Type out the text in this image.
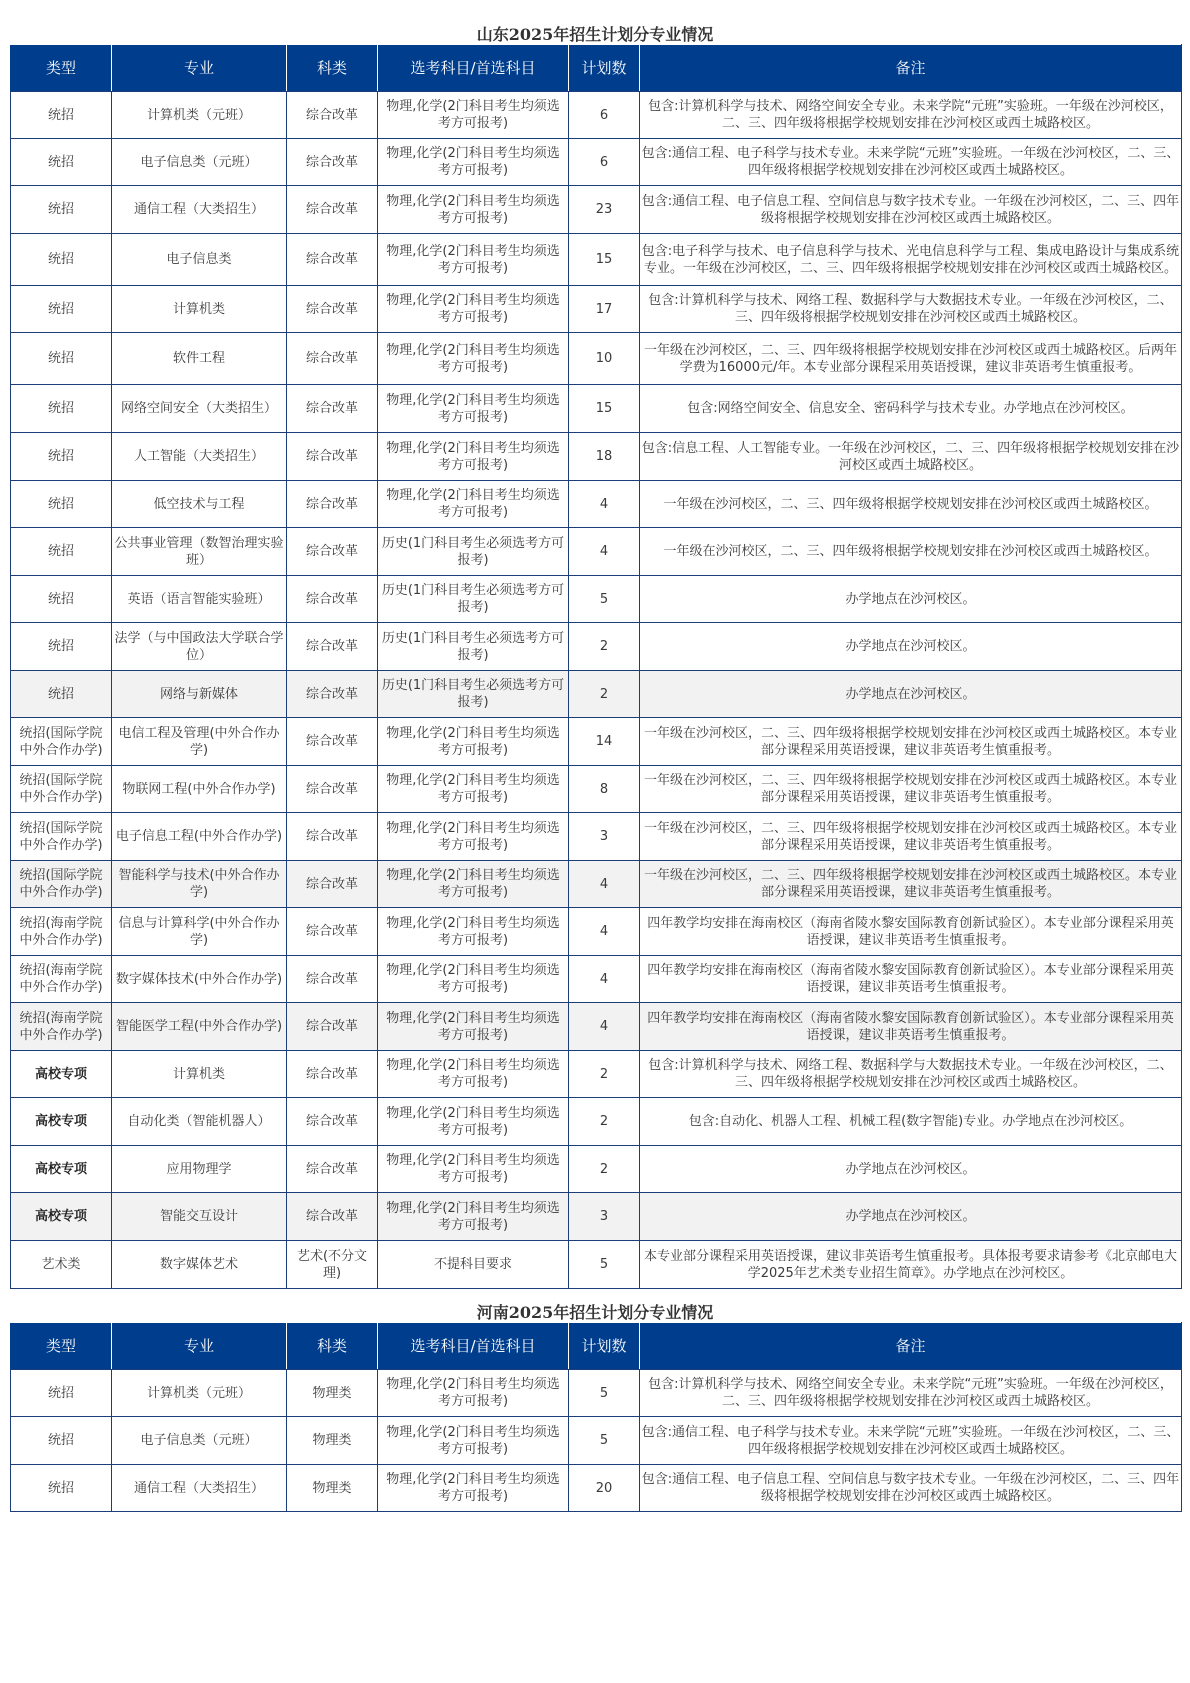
山东2025年招生计划分专业情况
类型	专业	科类	选考科目/首选科目	计划数	备注
统招	计算机类（元班）	综合改革	物理,化学(2门科目考生均须选考方可报考)	6	包含:计算机科学与技术、网络空间安全专业。未来学院“元班”实验班。一年级在沙河校区，二、三、四年级将根据学校规划安排在沙河校区或西土城路校区。
统招	电子信息类（元班）	综合改革	物理,化学(2门科目考生均须选考方可报考)	6	包含:通信工程、电子科学与技术专业。未来学院“元班”实验班。一年级在沙河校区，二、三、四年级将根据学校规划安排在沙河校区或西土城路校区。
统招	通信工程（大类招生）	综合改革	物理,化学(2门科目考生均须选考方可报考)	23	包含:通信工程、电子信息工程、空间信息与数字技术专业。一年级在沙河校区，二、三、四年级将根据学校规划安排在沙河校区或西土城路校区。
统招	电子信息类	综合改革	物理,化学(2门科目考生均须选考方可报考)	15	包含:电子科学与技术、电子信息科学与技术、光电信息科学与工程、集成电路设计与集成系统专业。一年级在沙河校区，二、三、四年级将根据学校规划安排在沙河校区或西土城路校区。
统招	计算机类	综合改革	物理,化学(2门科目考生均须选考方可报考)	17	包含:计算机科学与技术、网络工程、数据科学与大数据技术专业。一年级在沙河校区，二、三、四年级将根据学校规划安排在沙河校区或西土城路校区。
统招	软件工程	综合改革	物理,化学(2门科目考生均须选考方可报考)	10	一年级在沙河校区，二、三、四年级将根据学校规划安排在沙河校区或西土城路校区。后两年学费为16000元/年。本专业部分课程采用英语授课，建议非英语考生慎重报考。
统招	网络空间安全（大类招生）	综合改革	物理,化学(2门科目考生均须选考方可报考)	15	包含:网络空间安全、信息安全、密码科学与技术专业。办学地点在沙河校区。
统招	人工智能（大类招生）	综合改革	物理,化学(2门科目考生均须选考方可报考)	18	包含:信息工程、人工智能专业。一年级在沙河校区，二、三、四年级将根据学校规划安排在沙河校区或西土城路校区。
统招	低空技术与工程	综合改革	物理,化学(2门科目考生均须选考方可报考)	4	一年级在沙河校区，二、三、四年级将根据学校规划安排在沙河校区或西土城路校区。
统招	公共事业管理（数智治理实验班）	综合改革	历史(1门科目考生必须选考方可报考)	4	一年级在沙河校区，二、三、四年级将根据学校规划安排在沙河校区或西土城路校区。
统招	英语（语言智能实验班）	综合改革	历史(1门科目考生必须选考方可报考)	5	办学地点在沙河校区。
统招	法学（与中国政法大学联合学位）	综合改革	历史(1门科目考生必须选考方可报考)	2	办学地点在沙河校区。
统招	网络与新媒体	综合改革	历史(1门科目考生必须选考方可报考)	2	办学地点在沙河校区。
统招(国际学院中外合作办学)	电信工程及管理(中外合作办学)	综合改革	物理,化学(2门科目考生均须选考方可报考)	14	一年级在沙河校区，二、三、四年级将根据学校规划安排在沙河校区或西土城路校区。本专业部分课程采用英语授课，建议非英语考生慎重报考。
统招(国际学院中外合作办学)	物联网工程(中外合作办学)	综合改革	物理,化学(2门科目考生均须选考方可报考)	8	一年级在沙河校区，二、三、四年级将根据学校规划安排在沙河校区或西土城路校区。本专业部分课程采用英语授课，建议非英语考生慎重报考。
统招(国际学院中外合作办学)	电子信息工程(中外合作办学)	综合改革	物理,化学(2门科目考生均须选考方可报考)	3	一年级在沙河校区，二、三、四年级将根据学校规划安排在沙河校区或西土城路校区。本专业部分课程采用英语授课，建议非英语考生慎重报考。
统招(国际学院中外合作办学)	智能科学与技术(中外合作办学)	综合改革	物理,化学(2门科目考生均须选考方可报考)	4	一年级在沙河校区，二、三、四年级将根据学校规划安排在沙河校区或西土城路校区。本专业部分课程采用英语授课，建议非英语考生慎重报考。
统招(海南学院中外合作办学)	信息与计算科学(中外合作办学)	综合改革	物理,化学(2门科目考生均须选考方可报考)	4	四年教学均安排在海南校区（海南省陵水黎安国际教育创新试验区）。本专业部分课程采用英语授课，建议非英语考生慎重报考。
统招(海南学院中外合作办学)	数字媒体技术(中外合作办学)	综合改革	物理,化学(2门科目考生均须选考方可报考)	4	四年教学均安排在海南校区（海南省陵水黎安国际教育创新试验区）。本专业部分课程采用英语授课，建议非英语考生慎重报考。
统招(海南学院中外合作办学)	智能医学工程(中外合作办学)	综合改革	物理,化学(2门科目考生均须选考方可报考)	4	四年教学均安排在海南校区（海南省陵水黎安国际教育创新试验区）。本专业部分课程采用英语授课，建议非英语考生慎重报考。
高校专项	计算机类	综合改革	物理,化学(2门科目考生均须选考方可报考)	2	包含:计算机科学与技术、网络工程、数据科学与大数据技术专业。一年级在沙河校区，二、三、四年级将根据学校规划安排在沙河校区或西土城路校区。
高校专项	自动化类（智能机器人）	综合改革	物理,化学(2门科目考生均须选考方可报考)	2	包含:自动化、机器人工程、机械工程(数字智能)专业。办学地点在沙河校区。
高校专项	应用物理学	综合改革	物理,化学(2门科目考生均须选考方可报考)	2	办学地点在沙河校区。
高校专项	智能交互设计	综合改革	物理,化学(2门科目考生均须选考方可报考)	3	办学地点在沙河校区。
艺术类	数字媒体艺术	艺术(不分文理)	不提科目要求	5	本专业部分课程采用英语授课，建议非英语考生慎重报考。具体报考要求请参考《北京邮电大学2025年艺术类专业招生简章》。办学地点在沙河校区。
河南2025年招生计划分专业情况
类型	专业	科类	选考科目/首选科目	计划数	备注
统招	计算机类（元班）	物理类	物理,化学(2门科目考生均须选考方可报考)	5	包含:计算机科学与技术、网络空间安全专业。未来学院“元班”实验班。一年级在沙河校区，二、三、四年级将根据学校规划安排在沙河校区或西土城路校区。
统招	电子信息类（元班）	物理类	物理,化学(2门科目考生均须选考方可报考)	5	包含:通信工程、电子科学与技术专业。未来学院“元班”实验班。一年级在沙河校区，二、三、四年级将根据学校规划安排在沙河校区或西土城路校区。
统招	通信工程（大类招生）	物理类	物理,化学(2门科目考生均须选考方可报考)	20	包含:通信工程、电子信息工程、空间信息与数字技术专业。一年级在沙河校区，二、三、四年级将根据学校规划安排在沙河校区或西土城路校区。
